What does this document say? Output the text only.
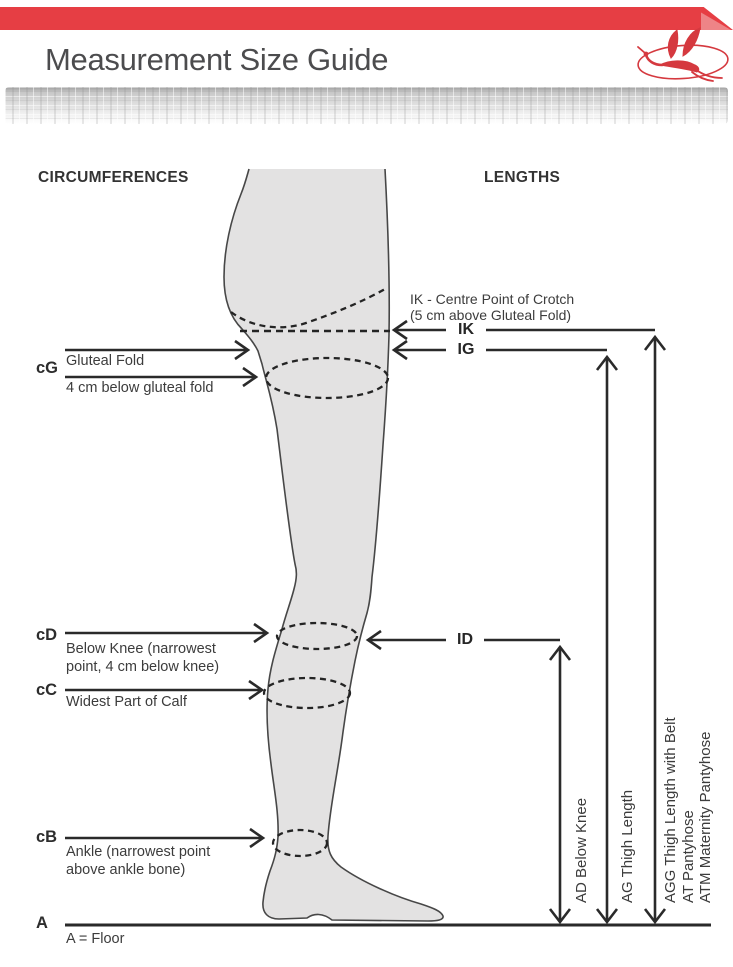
Measurement Size Guide
CIRCUMFERENCES	LENGTHS
cG Gluteal Fold
4 cm below gluteal fold
cD
Below Knee (narrowest
point, 4 cm below knee)
cC
Widest Part of Calf
cB
Ankle (narrowest point
above ankle bone)
A
A = Floor
IK - Centre Point of Crotch
(5 cm above Gluteal Fold)
IK
IG
ID
AD Below Knee AG Thigh Length AGG Thigh Length with Belt AT Pantyhose ATM Maternity Pantyhose
